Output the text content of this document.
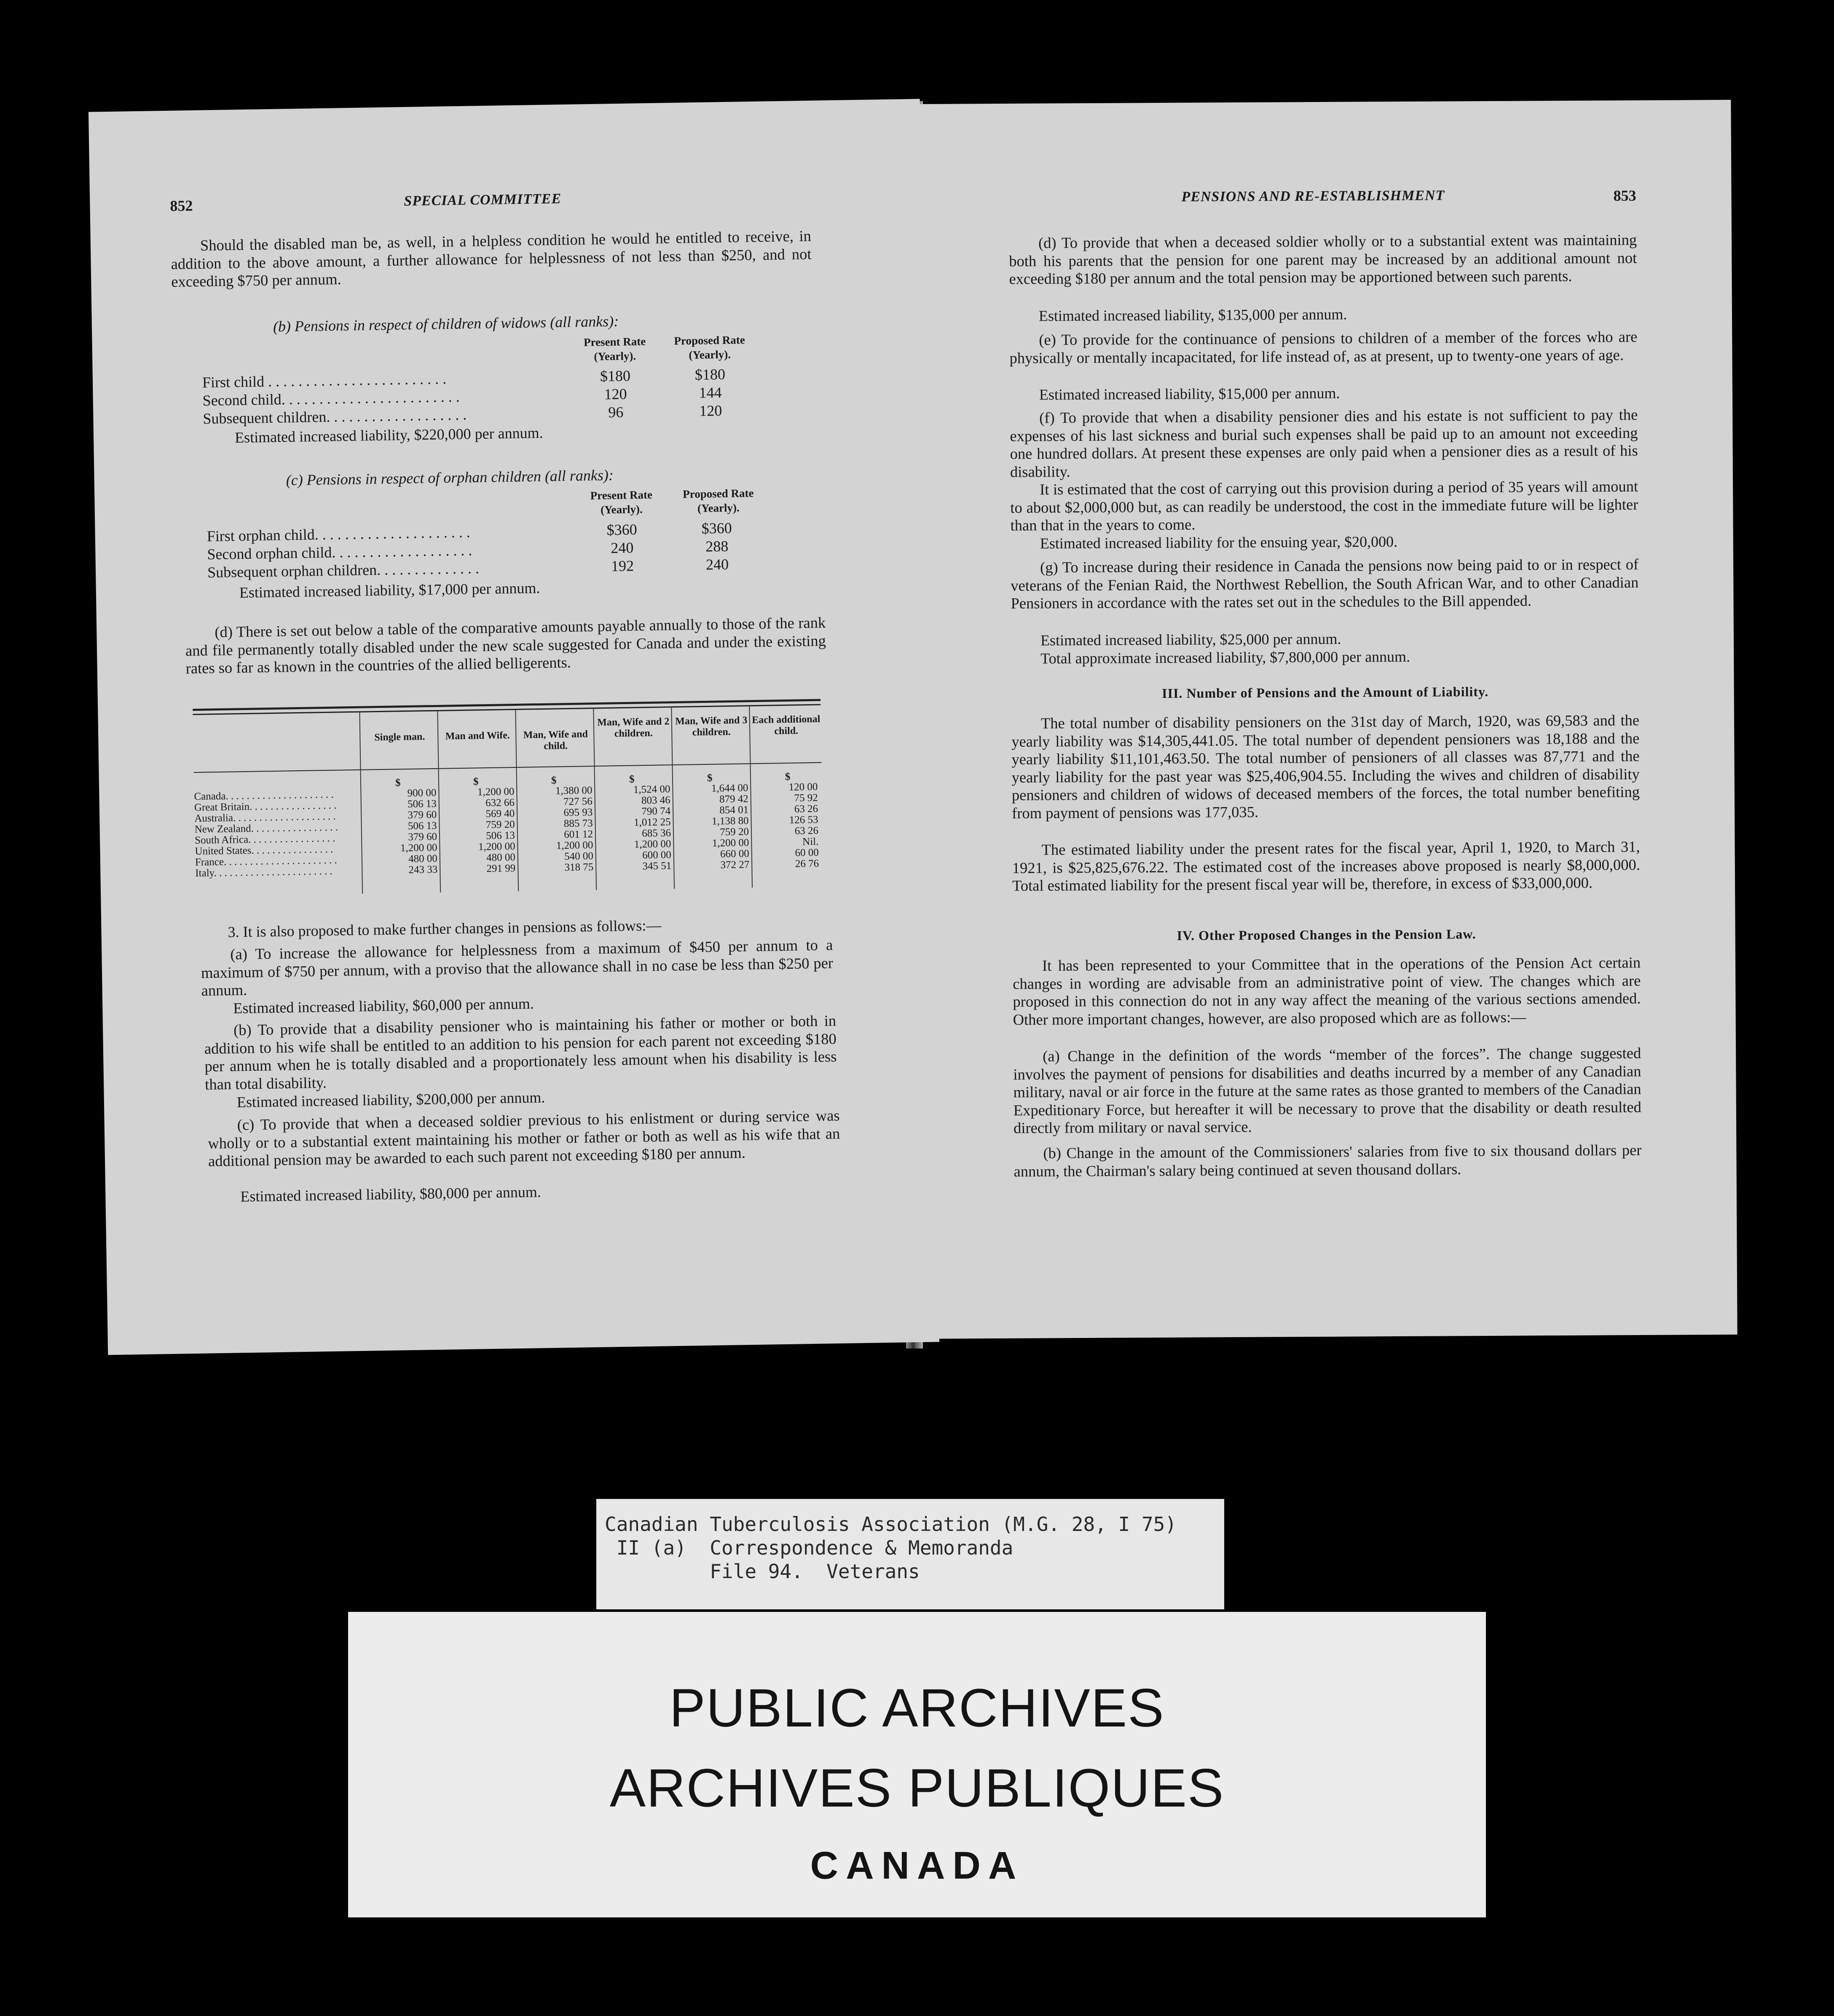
852	SPECIAL COMMITTEE

Should the disabled man be, as well, in a helpless condition he would he entitled to receive, in addition to the above amount, a further allowance for helplessness of not less than $250, and not exceeding $750 per annum.

(b) Pensions in respect of children of widows (all ranks):
Present Rate (Yearly).
Proposed Rate (Yearly).
First child . . . . . . . . . . . . . . . . . . . . . . . .	$180	$180
Second child. . . . . . . . . . . . . . . . . . . . . . . .	120	144
Subsequent children. . . . . . . . . . . . . . . . . . .	96	120
Estimated increased liability, $220,000 per annum.
(c) Pensions in respect of orphan children (all ranks):
Present Rate (Yearly).
Proposed Rate (Yearly).
First orphan child. . . . . . . . . . . . . . . . . . . . .	$360	$360
Second orphan child. . . . . . . . . . . . . . . . . . .	240	288
Subsequent orphan children. . . . . . . . . . . . . .	192	240
Estimated increased liability, $17,000 per annum.

(d) There is set out below a table of the comparative amounts payable annually to those of the rank and file permanently totally disabled under the new scale suggested for Canada and under the existing rates so far as known in the countries of the allied belligerents.

Single man.	Man and Wife.	Man, Wife and child.
Man, Wife and 2 children.
Man, Wife and 3 children.
Each additional child.
$	$	$	$	$	$
Canada. . . . . . . . . . . . . . . . . . . . .	900 00	1,200 00	1,380 00	1,524 00	1,644 00	120 00
Great Britain. . . . . . . . . . . . . . . . .	506 13	632 66	727 56	803 46	879 42	75 92
Australia. . . . . . . . . . . . . . . . . . . .	379 60	569 40	695 93	790 74	854 01	63 26
New Zealand. . . . . . . . . . . . . . . . .	506 13	759 20	885 73	1,012 25	1,138 80	126 53
South Africa. . . . . . . . . . . . . . . . .	379 60	506 13	601 12	685 36	759 20	63 26
United States. . . . . . . . . . . . . . . .	1,200 00	1,200 00	1,200 00	1,200 00	1,200 00	Nil.
France. . . . . . . . . . . . . . . . . . . . . .	480 00	480 00	540 00	600 00	660 00	60 00
Italy. . . . . . . . . . . . . . . . . . . . . . .	243 33	291 99	318 75	345 51	372 27	26 76
3. It is also proposed to make further changes in pensions as follows:—

(a) To increase the allowance for helplessness from a maximum of $450 per annum to a maximum of $750 per annum, with a proviso that the allowance shall in no case be less than $250 per annum.

Estimated increased liability, $60,000 per annum.

(b) To provide that a disability pensioner who is maintaining his father or mother or both in addition to his wife shall be entitled to an addition to his pension for each parent not exceeding $180 per annum when he is totally disabled and a proportionately less amount when his disability is less than total disability.

Estimated increased liability, $200,000 per annum.

(c) To provide that when a deceased soldier previous to his enlistment or during service was wholly or to a substantial extent maintaining his mother or father or both as well as his wife that an additional pension may be awarded to each such parent not exceeding $180 per annum.

Estimated increased liability, $80,000 per annum.
PENSIONS AND RE-ESTABLISHMENT	853

(d) To provide that when a deceased soldier wholly or to a substantial extent was maintaining both his parents that the pension for one parent may be increased by an additional amount not exceeding $180 per annum and the total pension may be apportioned between such parents.

Estimated increased liability, $135,000 per annum.

(e) To provide for the continuance of pensions to children of a member of the forces who are physically or mentally incapacitated, for life instead of, as at present, up to twenty-one years of age.

Estimated increased liability, $15,000 per annum.

(f) To provide that when a disability pensioner dies and his estate is not sufficient to pay the expenses of his last sickness and burial such expenses shall be paid up to an amount not exceeding one hundred dollars. At present these expenses are only paid when a pensioner dies as a result of his disability.

It is estimated that the cost of carrying out this provision during a period of 35 years will amount to about $2,000,000 but, as can readily be understood, the cost in the immediate future will be lighter than that in the years to come.

Estimated increased liability for the ensuing year, $20,000.

(g) To increase during their residence in Canada the pensions now being paid to or in respect of veterans of the Fenian Raid, the Northwest Rebellion, the South African War, and to other Canadian Pensioners in accordance with the rates set out in the schedules to the Bill appended.

Estimated increased liability, $25,000 per annum.
Total approximate increased liability, $7,800,000 per annum.
III. Number of Pensions and the Amount of Liability.

The total number of disability pensioners on the 31st day of March, 1920, was 69,583 and the yearly liability was $14,305,441.05. The total number of dependent pensioners was 18,188 and the yearly liability $11,101,463.50. The total number of pensioners of all classes was 87,771 and the yearly liability for the past year was $25,406,904.55. Including the wives and children of disability pensioners and children of widows of deceased members of the forces, the total number benefiting from payment of pensions was 177,035.

The estimated liability under the present rates for the fiscal year, April 1, 1920, to March 31, 1921, is $25,825,676.22. The estimated cost of the increases above proposed is nearly $8,000,000. Total estimated liability for the present fiscal year will be, therefore, in excess of $33,000,000.

IV. Other Proposed Changes in the Pension Law.

It has been represented to your Committee that in the operations of the Pension Act certain changes in wording are advisable from an administrative point of view. The changes which are proposed in this connection do not in any way affect the meaning of the various sections amended. Other more important changes, however, are also proposed which are as follows:—

(a) Change in the definition of the words “member of the forces”. The change suggested involves the payment of pensions for disabilities and deaths incurred by a member of any Canadian military, naval or air force in the future at the same rates as those granted to members of the Canadian Expeditionary Force, but hereafter it will be necessary to prove that the disability or death resulted directly from military or naval service.

(b) Change in the amount of the Commissioners' salaries from five to six thousand dollars per annum, the Chairman's salary being continued at seven thousand dollars.

Canadian Tuberculosis Association (M.G. 28, I 75)
II (a)  Correspondence & Memoranda
File 94.  Veterans
PUBLIC ARCHIVES
ARCHIVES PUBLIQUES
CANADA
